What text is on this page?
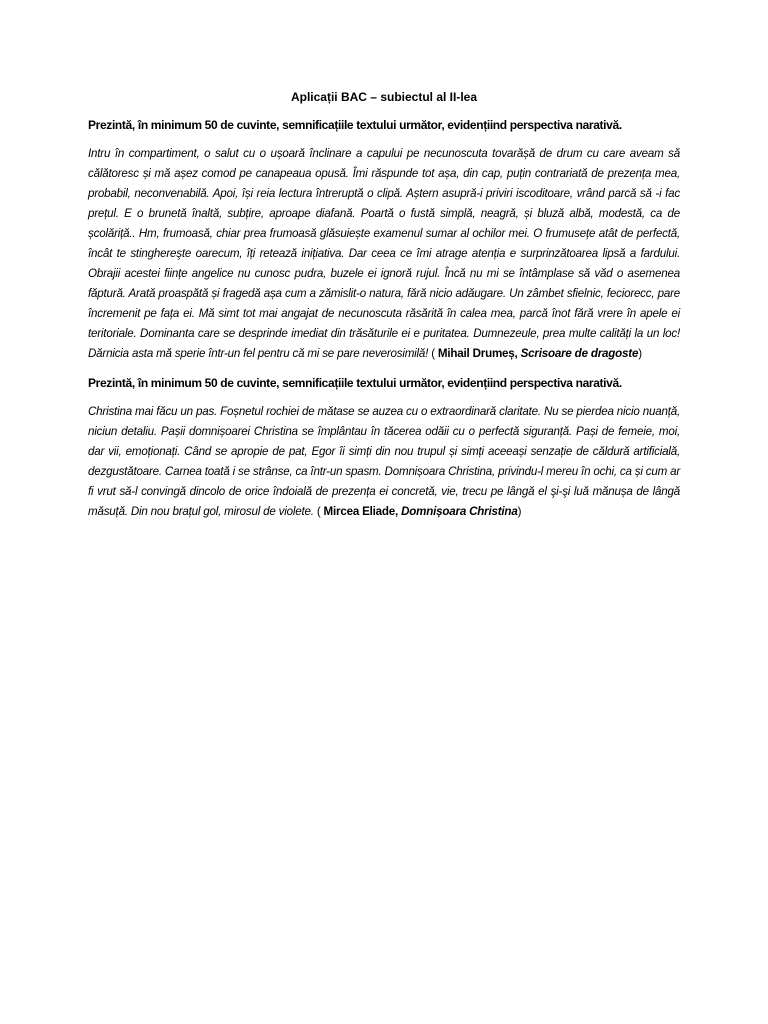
Aplicații BAC – subiectul al II-lea

Prezintă, în minimum 50 de cuvinte, semnificațiile textului următor, evidențiind perspectiva narativă.

Intru în compartiment, o salut cu o ușoară înclinare a capului pe necunoscuta tovarășă de drum cu care aveam să călătoresc și mă așez comod pe canapeaua opusă. Îmi răspunde tot așa, din cap, puțin contrariată de prezența mea, probabil, neconvenabilă. Apoi, își reia lectura întreruptă o clipă. Aștern asupră-i priviri iscoditoare, vrând parcă să -i fac prețul. E o brunetă înaltă, subțire, aproape diafană. Poartă o fustă simplă, neagră, și bluză albă, modestă, ca de școlăriță.. Hm, frumoasă, chiar prea frumoasă glăsuiește examenul sumar al ochilor mei. O frumusețe atât de perfectă, încât te stinghereşte oarecum, îți retează inițiativa. Dar ceea ce îmi atrage atenția e surprinzătoarea lipsă a fardului. Obrajii acestei ființe angelice nu cunosc pudra, buzele ei ignoră rujul. Încă nu mi se întâmplase să văd o asemenea făptură. Arată proaspătă și fragedă așa cum a zămislit-o natura, fără nicio adăugare. Un zâmbet sfielnic, feciorесc, pare încremenit pe fața ei. Mă simt tot mai angajat de necunoscuta răsărită în calea mea, parcă înot fără vrere în apele ei teritoriale. Dominanta care se desprinde imediat din trăsăturile ei e puritatea. Dumnezeule, prea multe calități la un loc! Dărnicia asta mă sperie într-un fel pentru că mi se pare neverosimilă! ( Mihail Drumeș, Scrisoare de dragoste)

Prezintă, în minimum 50 de cuvinte, semnificațiile textului următor, evidențiind perspectiva narativă.

Christina mai făcu un pas. Foșnetul rochiei de mătase se auzea cu o extraordinară claritate. Nu se pierdea nicio nuanță, niciun detaliu. Pașii domnișoarei Christina se împlântau în tăcerea odăii cu o perfectă siguranță. Pași de femeie, moi, dar vii, emoționați. Când se apropie de pat, Egor îi simți din nou trupul și simți aceeași senzație de căldură artificială, dezgustătoare. Carnea toată i se strânse, ca într-un spasm. Domnișoara Christina, privindu-l mereu în ochi, ca și cum ar fi vrut să-l convingă dincolo de orice îndoială de prezența ei concretă, vie, trecu pe lângă el şi-şi luă mănușa de lângă măsuță. Din nou brațul gol, mirosul de violete. ( Mircea Eliade, Domnișoara Christina)
